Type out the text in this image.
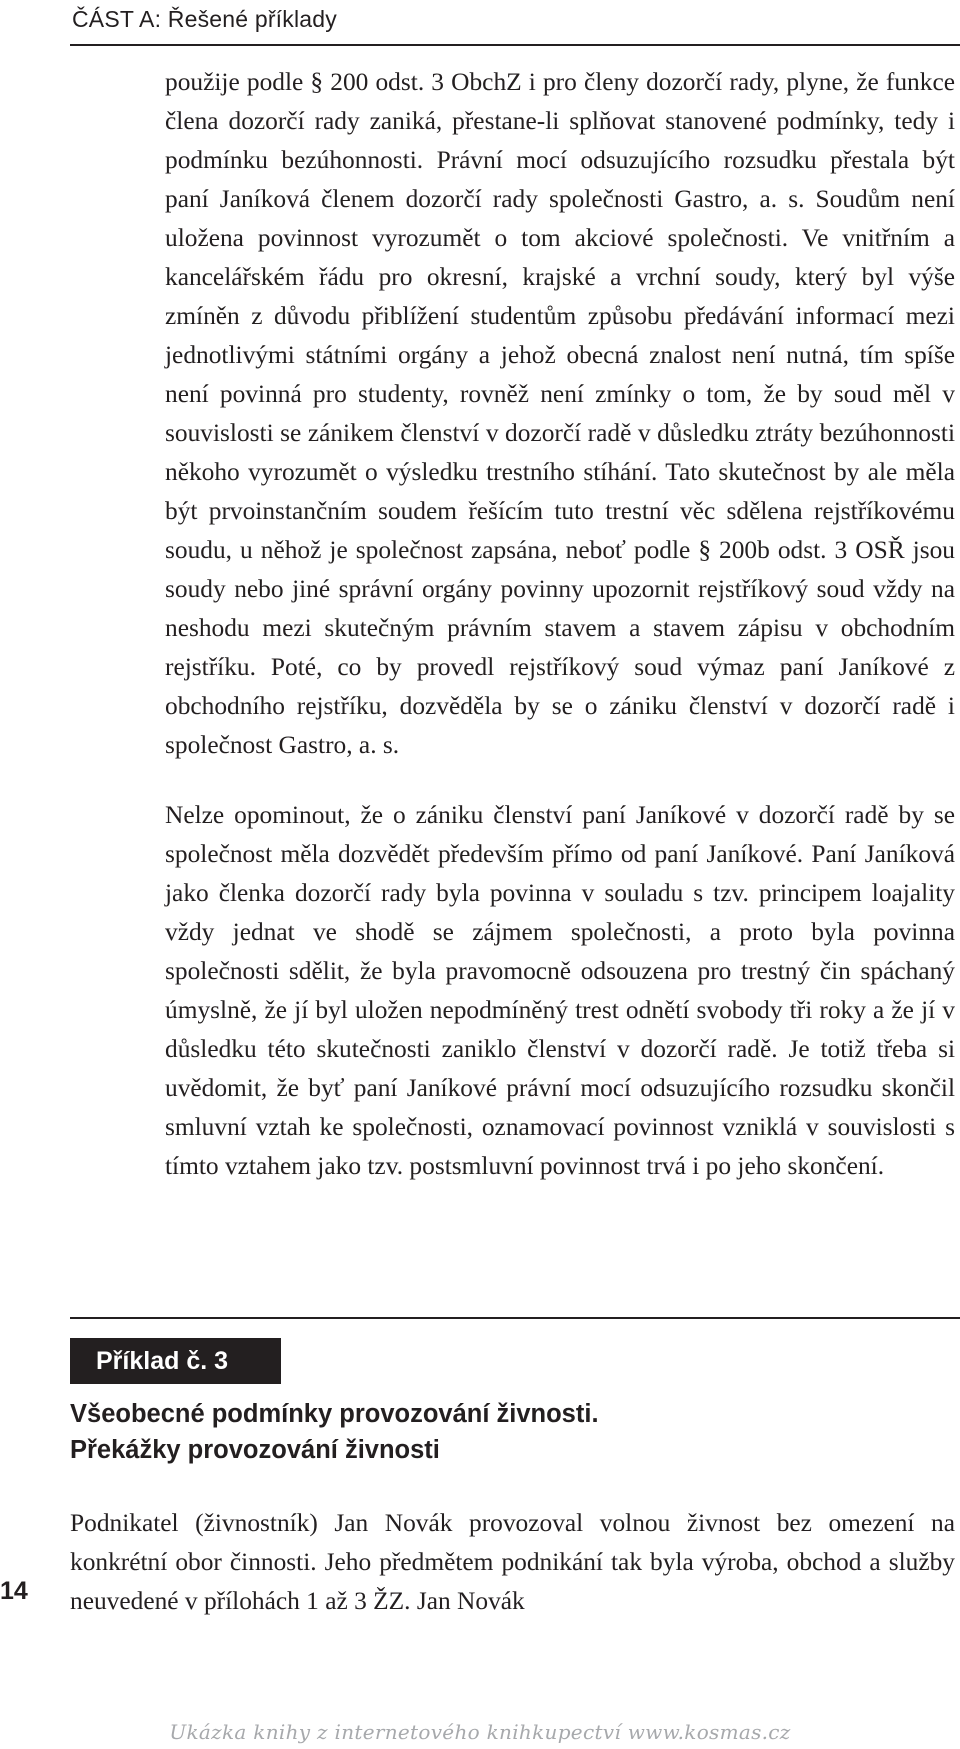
ČÁST A: Řešené příklady

použije podle § 200 odst. 3 ObchZ i pro členy dozorčí rady, plyne, že funkce člena dozorčí rady zaniká, přestane-li splňovat stanovené podmínky, tedy i podmínku bezúhonnosti. Právní mocí odsuzujícího rozsudku přestala být paní Janíková členem dozorčí rady společnosti Gastro, a. s. Soudům není uložena povinnost vyrozumět o tom akciové společnosti. Ve vnitřním a kancelářském řádu pro okresní, krajské a vrchní soudy, který byl výše zmíněn z důvodu přiblížení studentům způsobu předávání informací mezi jednotlivými státními orgány a jehož obecná znalost není nutná, tím spíše není povinná pro studenty, rovněž není zmínky o tom, že by soud měl v souvislosti se zánikem členství v dozorčí radě v důsledku ztráty bezúhonnosti někoho vyrozumět o výsledku trestního stíhání. Tato skutečnost by ale měla být prvoinstančním soudem řešícím tuto trestní věc sdělena rejstříkovému soudu, u něhož je společnost zapsána, neboť podle § 200b odst. 3 OSŘ jsou soudy nebo jiné správní orgány povinny upozornit rejstříkový soud vždy na neshodu mezi skutečným právním stavem a stavem zápisu v obchodním rejstříku. Poté, co by provedl rejstříkový soud výmaz paní Janíkové z obchodního rejstříku, dozvěděla by se o zániku členství v dozorčí radě i společnost Gastro, a. s.

Nelze opominout, že o zániku členství paní Janíkové v dozorčí radě by se společnost měla dozvědět především přímo od paní Janíkové. Paní Janíková jako členka dozorčí rady byla povinna v souladu s tzv. principem loajality vždy jednat ve shodě se zájmem společnosti, a proto byla povinna společnosti sdělit, že byla pravomocně odsouzena pro trestný čin spáchaný úmyslně, že jí byl uložen nepodmíněný trest odnětí svobody tři roky a že jí v důsledku této skutečnosti zaniklo členství v dozorčí radě. Je totiž třeba si uvědomit, že byť paní Janíkové právní mocí odsuzujícího rozsudku skončil smluvní vztah ke společnosti, oznamovací povinnost vzniklá v souvislosti s tímto vztahem jako tzv. postsmluvní povinnost trvá i po jeho skončení.

Příklad č. 3
Všeobecné podmínky provozování živnosti.
Překážky provozování živnosti

Podnikatel (živnostník) Jan Novák provozoval volnou živnost bez omezení na konkrétní obor činnosti. Jeho předmětem podnikání tak byla výroba, obchod a služby neuvedené v přílohách 1 až 3 ŽZ. Jan Novák

14
Ukázka knihy z internetového knihkupectví www.kosmas.cz
